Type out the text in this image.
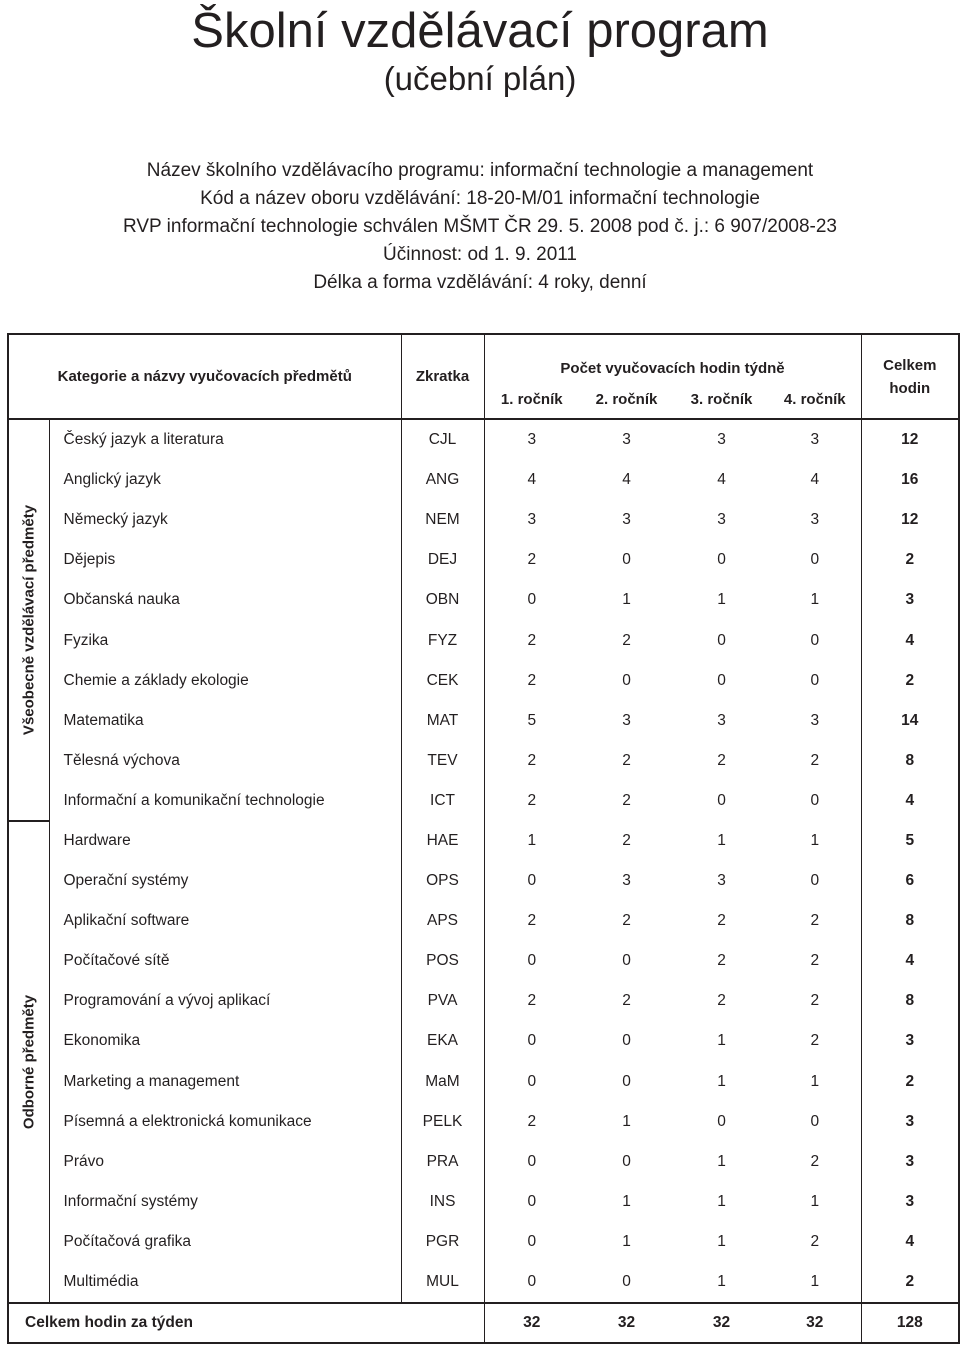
Školní vzdělávací program
(učební plán)
Název školního vzdělávacího programu: informační technologie a management
Kód a název oboru vzdělávání: 18-20-M/01 informační technologie
RVP informační technologie schválen MŠMT ČR 29. 5. 2008 pod č. j.: 6 907/2008-23
Účinnost: od 1. 9. 2011
Délka a forma vzdělávání: 4 roky, denní
Kategorie a názvy vyučovacích předmětů		Zkratka	Počet vyučovacích hodin týdně				Celkem
hodin

			1. ročník	2. ročník	3. ročník	4. ročník	

Všeobecně vzdělávací předměty	Český jazyk a literatura	CJL	3	3	3	3	12
	Anglický jazyk	ANG	4	4	4	4	16
	Německý jazyk	NEM	3	3	3	3	12
	Dějepis	DEJ	2	0	0	0	2
	Občanská nauka	OBN	0	1	1	1	3
	Fyzika	FYZ	2	2	0	0	4
	Chemie a základy ekologie	CEK	2	0	0	0	2
	Matematika	MAT	5	3	3	3	14
	Tělesná výchova	TEV	2	2	2	2	8
	Informační a komunikační technologie	ICT	2	2	0	0	4

Odborné předměty	Hardware	HAE	1	2	1	1	5
	Operační systémy	OPS	0	3	3	0	6
	Aplikační software	APS	2	2	2	2	8
	Počítačové sítě	POS	0	0	2	2	4
	Programování a vývoj aplikací	PVA	2	2	2	2	8
	Ekonomika	EKA	0	0	1	2	3
	Marketing a management	MaM	0	0	1	1	2
	Písemná a elektronická komunikace	PELK	2	1	0	0	3
	Právo	PRA	0	0	1	2	3
	Informační systémy	INS	0	1	1	1	3
	Počítačová grafika	PGR	0	1	1	2	4
	Multimédia	MUL	0	0	1	1	2
Celkem hodin za týden			32	32	32	32	128
